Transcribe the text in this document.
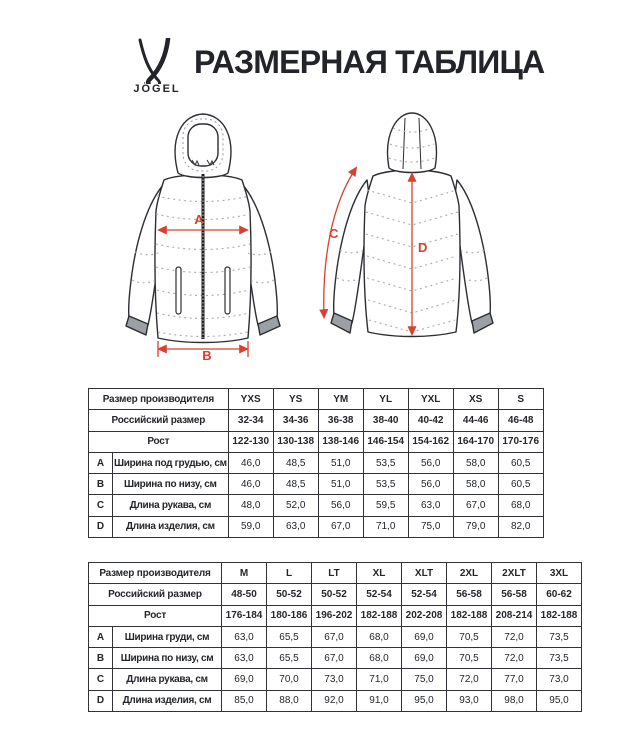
JÖGEL
РАЗМЕРНАЯ ТАБЛИЦА
A
B
C
D
Размер производителя		YXS	YS	YM	YL	YXL	XS	S
Российский размер		32-34	34-36	36-38	38-40	40-42	44-46	46-48
Рост		122-130	130-138	138-146	146-154	154-162	164-170	170-176
A	Ширина под грудью, см	46,0	48,5	51,0	53,5	56,0	58,0	60,5
B	Ширина по низу, см	46,0	48,5	51,0	53,5	56,0	58,0	60,5
C	Длина рукава, см	48,0	52,0	56,0	59,5	63,0	67,0	68,0
D	Длина изделия, см	59,0	63,0	67,0	71,0	75,0	79,0	82,0
Размер производителя		M	L	LT	XL	XLT	2XL	2XLT	3XL
Российский размер		48-50	50-52	50-52	52-54	52-54	56-58	56-58	60-62
Рост		176-184	180-186	196-202	182-188	202-208	182-188	208-214	182-188
A	Ширина груди, см	63,0	65,5	67,0	68,0	69,0	70,5	72,0	73,5
B	Ширина по низу, см	63,0	65,5	67,0	68,0	69,0	70,5	72,0	73,5
C	Длина рукава, см	69,0	70,0	73,0	71,0	75,0	72,0	77,0	73,0
D	Длина изделия, см	85,0	88,0	92,0	91,0	95,0	93,0	98,0	95,0
